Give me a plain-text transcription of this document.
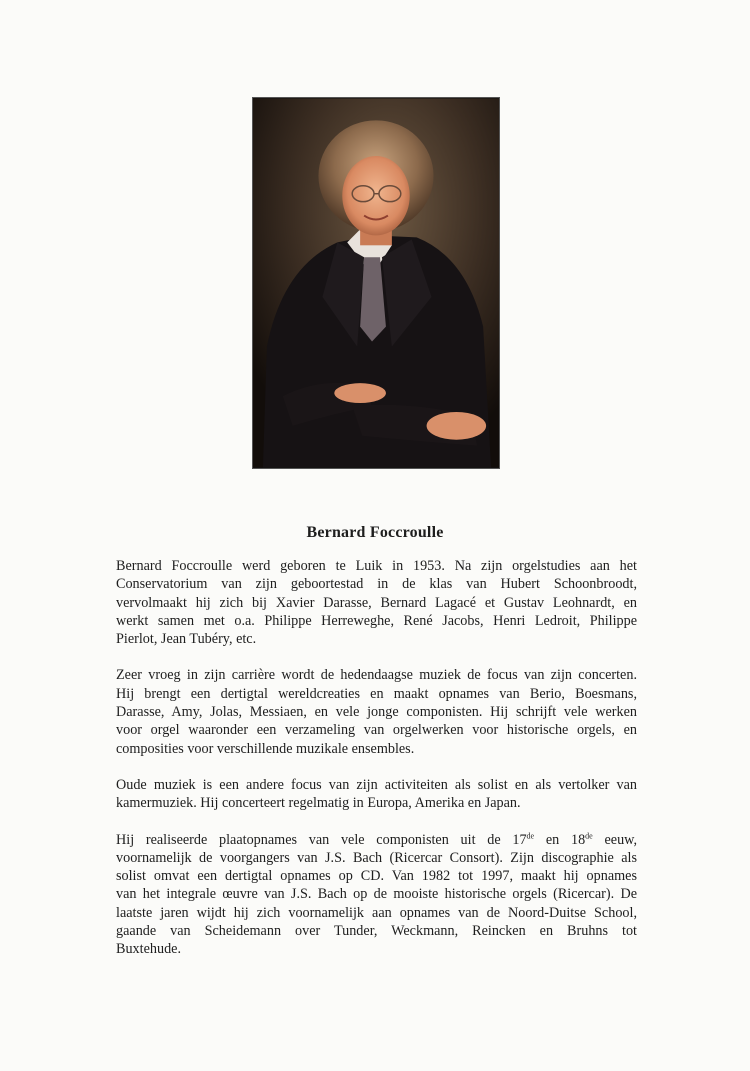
Bernard Foccroulle

Bernard Foccroulle werd geboren te Luik in 1953. Na zijn orgelstudies aan het
Conservatorium van zijn geboortestad in de klas van Hubert Schoonbroodt,
vervolmaakt hij zich bij Xavier Darasse, Bernard Lagacé et Gustav Leohnardt, en
werkt samen met o.a. Philippe Herreweghe, René Jacobs, Henri Ledroit, Philippe
Pierlot, Jean Tubéry, etc.

Zeer vroeg in zijn carrière wordt de hedendaagse muziek de focus van zijn concerten.
Hij brengt een dertigtal wereldcreaties en maakt opnames van Berio, Boesmans,
Darasse, Amy, Jolas, Messiaen, en vele jonge componisten. Hij schrijft vele werken
voor orgel waaronder een verzameling van orgelwerken voor historische orgels, en
composities voor verschillende muzikale ensembles.

Oude muziek is een andere focus van zijn activiteiten als solist en als vertolker van
kamermuziek. Hij concerteert regelmatig in Europa, Amerika en Japan.

Hij realiseerde plaatopnames van vele componisten uit de 17de en 18de eeuw,
voornamelijk de voorgangers van J.S. Bach (Ricercar Consort). Zijn discographie als
solist omvat een dertigtal opnames op CD. Van 1982 tot 1997, maakt hij opnames
van het integrale œuvre van J.S. Bach op de mooiste historische orgels (Ricercar). De
laatste jaren wijdt hij zich voornamelijk aan opnames van de Noord-Duitse School,
gaande van Scheidemann over Tunder, Weckmann, Reincken en Bruhns tot
Buxtehude.
